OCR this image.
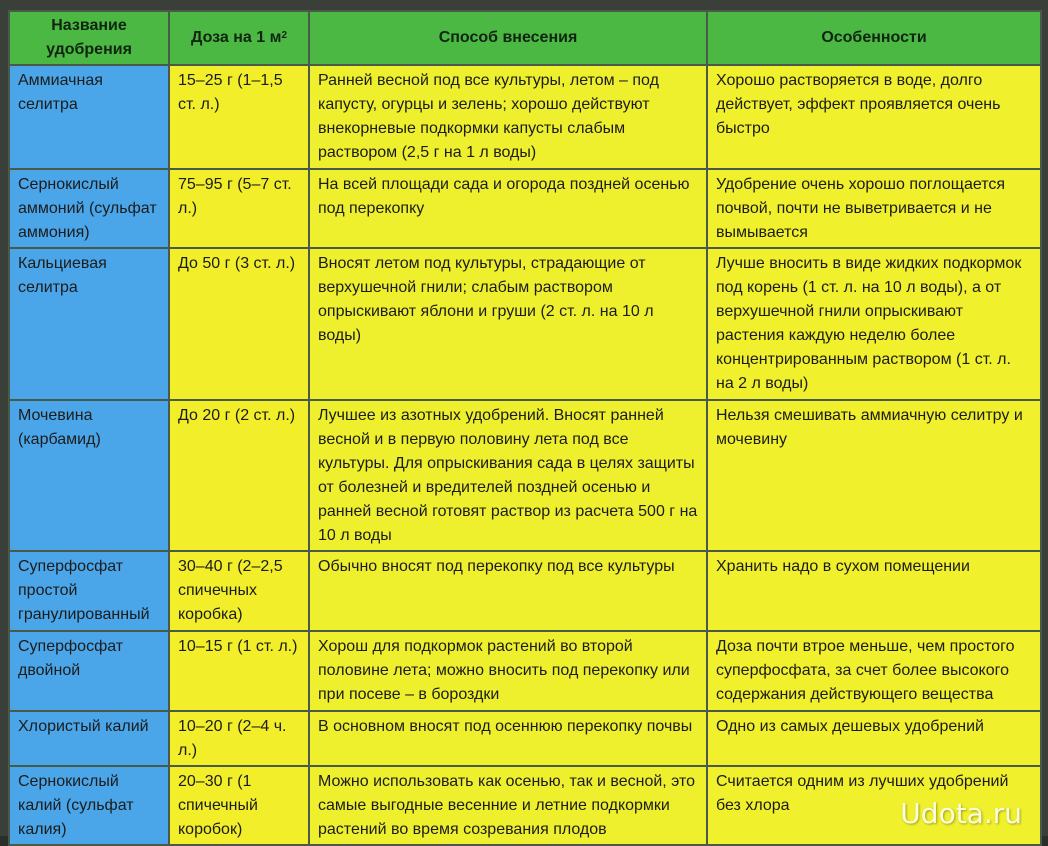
Название удобрения	Доза на 1 $м^2$	Способ внесения	Особенности
Аммиачная селитра	15–25 г (1–1,5 ст. л.)	Ранней весной под все культуры, летом – под капусту, огурцы и зелень; хорошо действуют внекорневые подкормки капусты слабым раствором (2,5 г на 1 л воды)	Хорошо растворяется в воде, долго действует, эффект проявляется очень быстро
Сернокислый аммоний (сульфат аммония)	75–95 г (5–7 ст. л.)	На всей площади сада и огорода поздней осенью под перекопку	Удобрение очень хорошо поглощается почвой, почти не выветривается и не вымывается
Кальциевая селитра	До 50 г (3 ст. л.)	Вносят летом под культуры, страдающие от верхушечной гнили; слабым раствором опрыскивают яблони и груши (2 ст. л. на 10 л воды)	Лучше вносить в виде жидких подкормок под корень (1 ст. л. на 10 л воды), а от верхушечной гнили опрыскивают растения каждую неделю более концентрированным раствором (1 ст. л. на 2 л воды)
Мочевина (карбамид)	До 20 г (2 ст. л.)	Лучшее из азотных удобрений. Вносят ранней весной и в первую половину лета под все культуры. Для опрыскивания сада в целях защиты от болезней и вредителей поздней осенью и ранней весной готовят раствор из расчета 500 г на 10 л воды	Нельзя смешивать аммиачную селитру и мочевину
Суперфосфат простой гранулированный	30–40 г (2–2,5 спичечных коробка)	Обычно вносят под перекопку под все культуры	Хранить надо в сухом помещении
Суперфосфат двойной	10–15 г (1 ст. л.)	Хорош для подкормок растений во второй половине лета; можно вносить под перекопку или при посеве – в бороздки	Доза почти втрое меньше, чем простого суперфосфата, за счет более высокого содержания действующего вещества
Хлористый калий	10–20 г (2–4 ч. л.)	В основном вносят под осеннюю перекопку почвы	Одно из самых дешевых удобрений
Сернокислый калий (сульфат калия)	20–30 г (1 спичечный коробок)	Можно использовать как осенью, так и весной, это самые выгодные весенние и летние подкормки растений во время созревания плодов	Считается одним из лучших удобрений без хлора	Udota.ru
